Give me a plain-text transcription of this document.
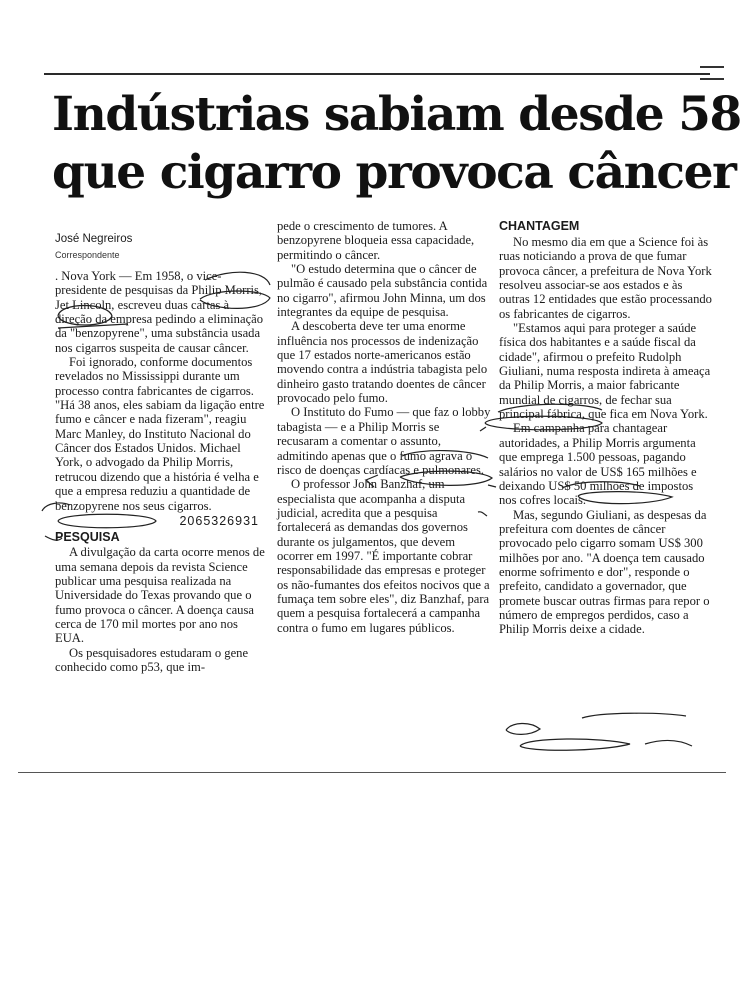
Indústrias sabiam desde 58
que cigarro provoca câncer
José Negreiros
Correspondente

. Nova York — Em 1958, o vice-presidente de pesquisas da Philip Morris, Jet Lincoln, escreveu duas cartas à direção da empresa pedindo a eliminação da "benzopyrene", uma substância usada nos cigarros suspeita de causar câncer.

Foi ignorado, conforme documentos revelados no Mississippi durante um processo contra fabricantes de cigarros. "Há 38 anos, eles sabiam da ligação entre fumo e câncer e nada fizeram", reagiu Marc Manley, do Instituto Nacional do Câncer dos Estados Unidos. Michael York, o advogado da Philip Morris, retrucou dizendo que a história é velha e que a empresa reduziu a quantidade de benzopyrene nos seus cigarros.

2065326931
PESQUISA

A divulgação da carta ocorre menos de uma semana depois da revista Science publicar uma pesquisa realizada na Universidade do Texas provando que o fumo provoca o câncer. A doença causa cerca de 170 mil mortes por ano nos EUA.

Os pesquisadores estudaram o gene conhecido como p53, que im-

pede o crescimento de tumores. A benzopyrene bloqueia essa capacidade, permitindo o câncer.

"O estudo determina que o câncer de pulmão é causado pela substância contida no cigarro", afirmou John Minna, um dos integrantes da equipe de pesquisa.

A descoberta deve ter uma enorme influência nos processos de indenização que 17 estados norte-americanos estão movendo contra a indústria tabagista pelo dinheiro gasto tratando doentes de câncer provocado pelo fumo.

O Instituto do Fumo — que faz o lobby tabagista — e a Philip Morris se recusaram a comentar o assunto, admitindo apenas que o fumo agrava o risco de doenças cardíacas e pulmonares.

O professor John Banzhaf, um especialista que acompanha a disputa judicial, acredita que a pesquisa fortalecerá as demandas dos governos durante os julgamentos, que devem ocorrer em 1997. "É importante cobrar responsabilidade das empresas e proteger os não-fumantes dos efeitos nocivos que a fumaça tem sobre eles", diz Banzhaf, para quem a pesquisa fortalecerá a campanha contra o fumo em lugares públicos.

CHANTAGEM

No mesmo dia em que a Science foi às ruas noticiando a prova de que fumar provoca câncer, a prefeitura de Nova York resolveu associar-se aos estados e às outras 12 entidades que estão processando os fabricantes de cigarros.

"Estamos aqui para proteger a saúde física dos habitantes e a saúde fiscal da cidade", afirmou o prefeito Rudolph Giuliani, numa resposta indireta à ameaça da Philip Morris, a maior fabricante mundial de cigarros, de fechar sua principal fábrica, que fica em Nova York.

Em campanha para chantagear autoridades, a Philip Morris argumenta que emprega 1.500 pessoas, pagando salários no valor de US$ 165 milhões e deixando US$ 50 milhões de impostos nos cofres locais.

Mas, segundo Giuliani, as despesas da prefeitura com doentes de câncer provocado pelo cigarro somam US$ 300 milhões por ano. "A doença tem causado enorme sofrimento e dor", responde o prefeito, candidato a governador, que promete buscar outras firmas para repor o número de empregos perdidos, caso a Philip Morris deixe a cidade.
